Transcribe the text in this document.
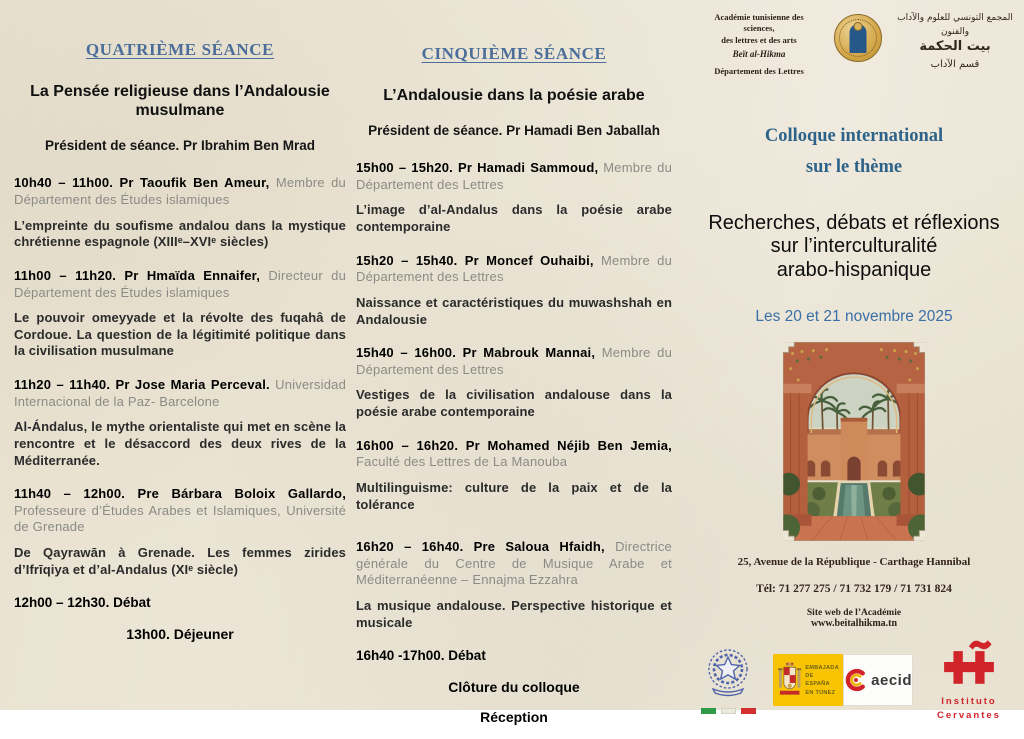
QUATRIÈME SÉANCE
La Pensée religieuse dans l’Andalousie musulmane
Président de séance. Pr Ibrahim Ben Mrad

10h40 – 11h00. Pr Taoufik Ben Ameur, Membre du Département des Études islamiques

L’empreinte du soufisme andalou dans la mystique chrétienne espagnole (XIIIᵉ–XVIᵉ siècles)

11h00 – 11h20. Pr Hmaïda Ennaifer, Directeur du Département des Études islamiques

Le pouvoir omeyyade et la révolte des fuqahâ de Cordoue. La question de la légitimité politique dans la civilisation musulmane

11h20 – 11h40. Pr Jose Maria Perceval. Universidad Internacional de la Paz- Barcelone

Al-Ándalus, le mythe orientaliste qui met en scène la rencontre et le désaccord des deux rives de la Méditerranée.

11h40 – 12h00. Pre Bárbara Boloix Gallardo, Professeure d’Études Arabes et Islamiques, Université de Grenade

De Qayrawān à Grenade. Les femmes zirides d’Ifrīqiya et d’al-Andalus (XIᵉ siècle)

12h00 – 12h30. Débat

13h00. Déjeuner

CINQUIÈME SÉANCE
L’Andalousie dans la poésie arabe
Président de séance. Pr Hamadi Ben Jaballah

15h00 – 15h20. Pr Hamadi Sammoud, Membre du Département des Lettres

L’image d’al-Andalus dans la poésie arabe contemporaine

15h20 – 15h40. Pr Moncef Ouhaibi, Membre du Département des Lettres

Naissance et caractéristiques du muwashshah en Andalousie

15h40 – 16h00. Pr Mabrouk Mannai, Membre du Département des Lettres

Vestiges de la civilisation andalouse dans la poésie arabe contemporaine

16h00 – 16h20. Pr Mohamed Néjib Ben Jemia, Faculté des Lettres de La Manouba

Multilinguisme: culture de la paix et de la tolérance

16h20 – 16h40. Pre Saloua Hfaidh, Directrice générale du Centre de Musique Arabe et Méditerranéenne – Ennajma Ezzahra

La musique andalouse. Perspective historique et musicale

16h40 -17h00. Débat

Clôture du colloque

Réception

Académie tunisienne des sciences,
des lettres et des arts
Beït al-Hikma
Département des Lettres
المجمع التونسي للعلوم والآداب والفنون
بيت الحكمة
قسم الآداب
Colloque international
sur le thème
Recherches, débats et réflexions
sur l’interculturalité
arabo-hispanique
Les 20 et 21 novembre 2025
25, Avenue de la République - Carthage Hannibal
Tél: 71 277 275 / 71 732 179 / 71 731 824
Site web de l’Académie
www.beitalhikma.tn
EMBAJADA
DE ESPAÑA
EN TÚNEZ
aecid
Instituto
Cervantes
